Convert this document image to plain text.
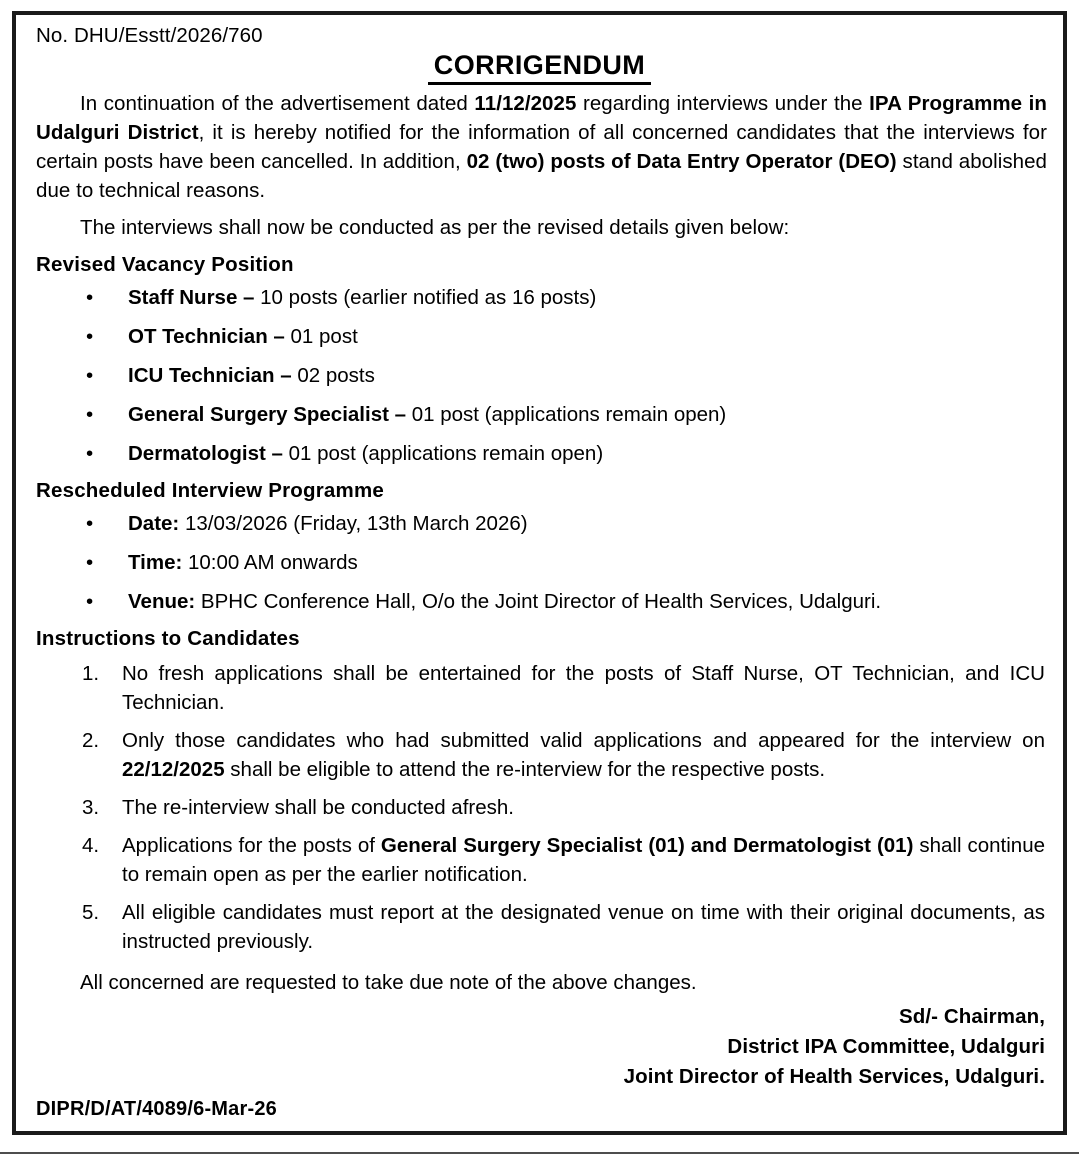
No. DHU/Esstt/2026/760
CORRIGENDUM

In continuation of the advertisement dated 11/12/2025 regarding interviews under the IPA Programme in Udalguri District, it is hereby notified for the information of all concerned candidates that the interviews for certain posts have been cancelled. In addition, 02 (two) posts of Data Entry Operator (DEO) stand abolished due to technical reasons.

The interviews shall now be conducted as per the revised details given below:

Revised Vacancy Position
• Staff Nurse – 10 posts (earlier notified as 16 posts)
• OT Technician – 01 post
• ICU Technician – 02 posts
• General Surgery Specialist – 01 post (applications remain open)
• Dermatologist – 01 post (applications remain open)
Rescheduled Interview Programme
• Date: 13/03/2026 (Friday, 13th March 2026)
• Time: 10:00 AM onwards
• Venue: BPHC Conference Hall, O/o the Joint Director of Health Services, Udalguri.
Instructions to Candidates
1.	No fresh applications shall be entertained for the posts of Staff Nurse, OT Technician, and ICU Technician.
2.	Only those candidates who had submitted valid applications and appeared for the interview on 22/12/2025 shall be eligible to attend the re-interview for the respective posts.
3.	The re-interview shall be conducted afresh.
4.	Applications for the posts of General Surgery Specialist (01) and Dermatologist (01) shall continue to remain open as per the earlier notification.
5.	All eligible candidates must report at the designated venue on time with their original documents, as instructed previously.

All concerned are requested to take due note of the above changes.

Sd/- Chairman,
District IPA Committee, Udalguri
Joint Director of Health Services, Udalguri.
DIPR/D/AT/4089/6-Mar-26
